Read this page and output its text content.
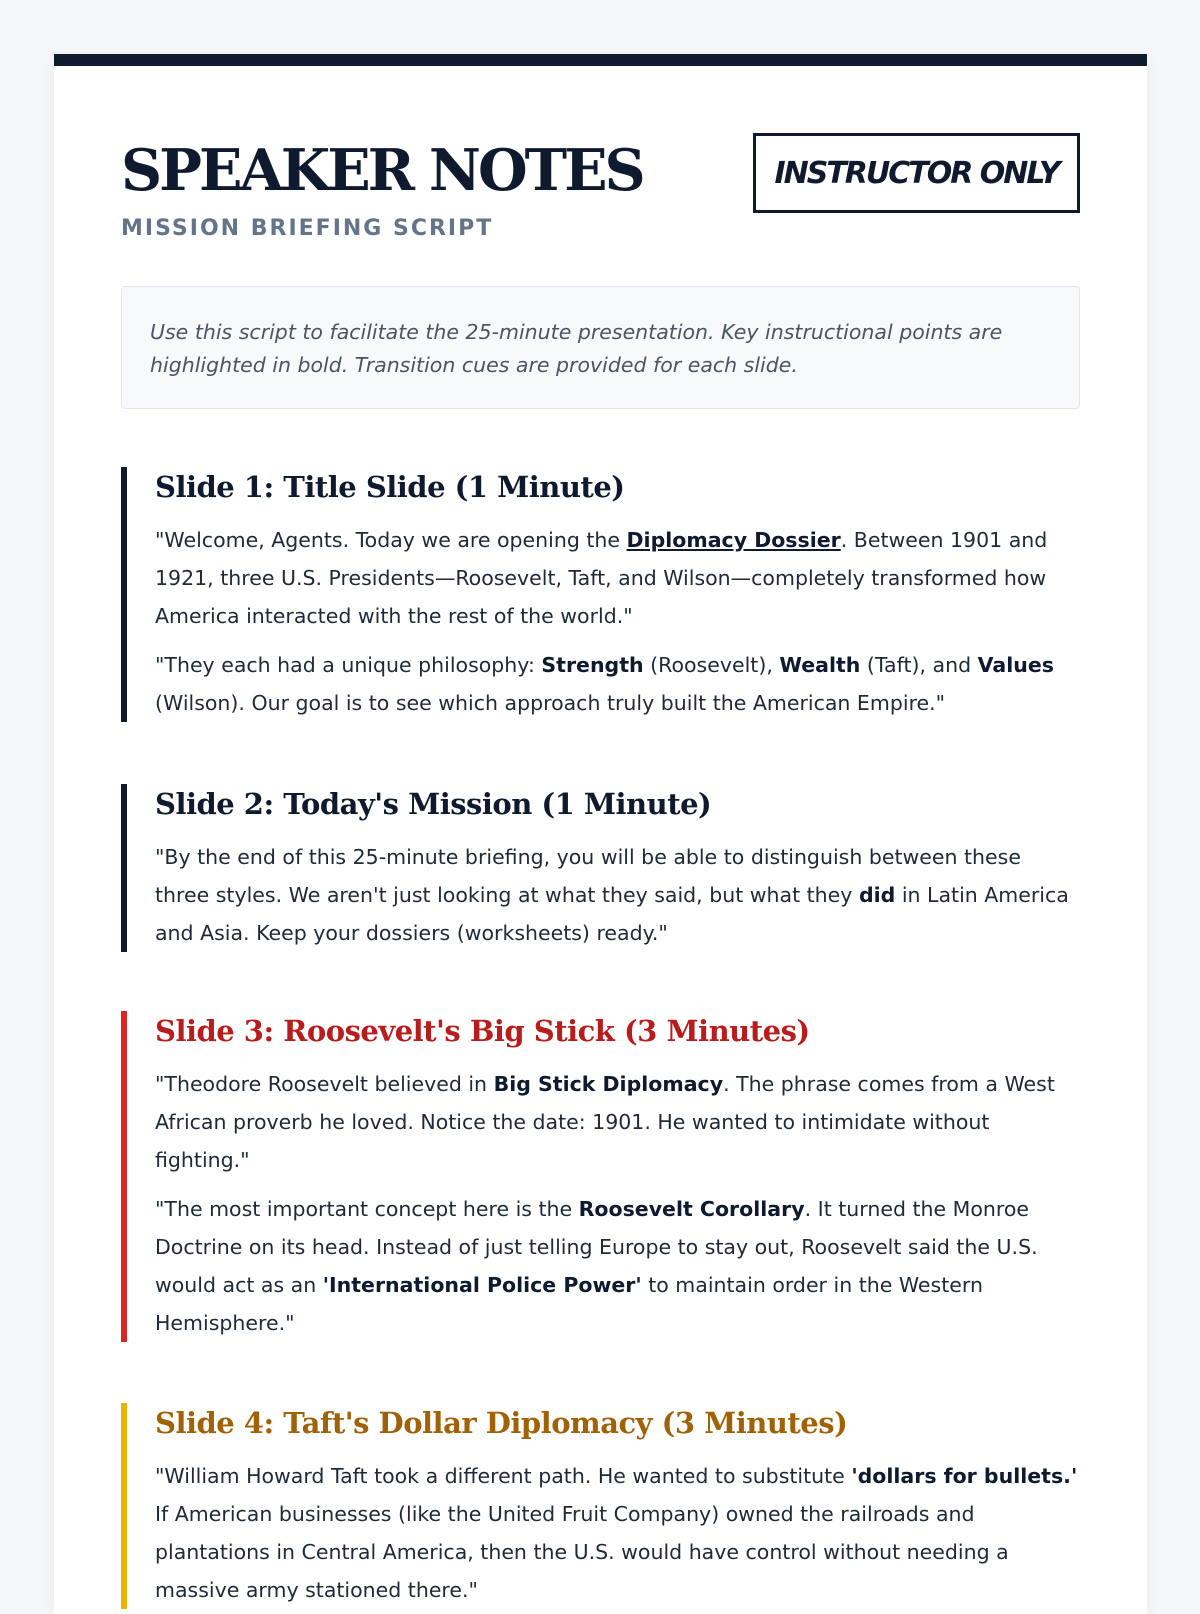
SPEAKER NOTES
MISSION BRIEFING SCRIPT
INSTRUCTOR ONLY

Use this script to facilitate the 25-minute presentation. Key instructional points are highlighted in bold. Transition cues are provided for each slide.

Slide 1: Title Slide (1 Minute)

"Welcome, Agents. Today we are opening the Diplomacy Dossier. Between 1901 and 1921, three U.S. Presidents—Roosevelt, Taft, and Wilson—completely transformed how America interacted with the rest of the world."

"They each had a unique philosophy: Strength (Roosevelt), Wealth (Taft), and Values (Wilson). Our goal is to see which approach truly built the American Empire."

Slide 2: Today's Mission (1 Minute)

"By the end of this 25-minute briefing, you will be able to distinguish between these three styles. We aren't just looking at what they said, but what they did in Latin America and Asia. Keep your dossiers (worksheets) ready."

Slide 3: Roosevelt's Big Stick (3 Minutes)

"Theodore Roosevelt believed in Big Stick Diplomacy. The phrase comes from a West African proverb he loved. Notice the date: 1901. He wanted to intimidate without fighting."

"The most important concept here is the Roosevelt Corollary. It turned the Monroe Doctrine on its head. Instead of just telling Europe to stay out, Roosevelt said the U.S. would act as an 'International Police Power' to maintain order in the Western Hemisphere."

Slide 4: Taft's Dollar Diplomacy (3 Minutes)

"William Howard Taft took a different path. He wanted to substitute 'dollars for bullets.' If American businesses (like the United Fruit Company) owned the railroads and plantations in Central America, then the U.S. would have control without needing a massive army stationed there."
